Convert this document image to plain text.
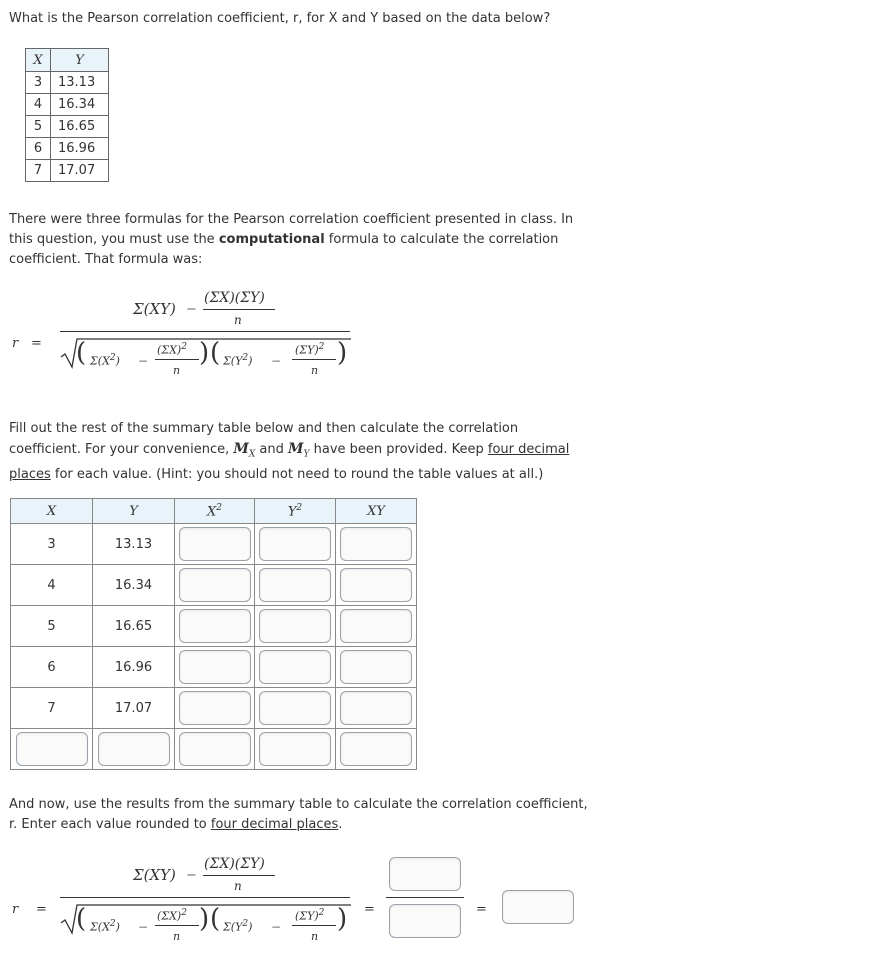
What is the Pearson correlation coefficient, r, for X and Y based on the data below?
X	Y
3	13.13
4	16.34
5	16.65
6	16.96
7	17.07
There were three formulas for the Pearson correlation coefficient presented in class. In
this question, you must use the computational formula to calculate the correlation
coefficient. That formula was:
r =
Σ(XY) −
(ΣX)(ΣY)
n
( $\Sigma(X^2)$ −
$(\Sigma X)^2$
n
) ( $\Sigma(Y^2)$ −
$(\Sigma Y)^2$
n
)
Fill out the rest of the summary table below and then calculate the correlation
coefficient. For your convenience, $M_X$ and $M_Y$ have been provided. Keep four decimal
places for each value. (Hint: you should not need to round the table values at all.)
X	Y	$X^2$	$Y^2$	XY
3	13.13	

4	16.34	

5	16.65	

6	16.96	

7	17.07	

And now, use the results from the summary table to calculate the correlation coefficient,
r. Enter each value rounded to four decimal places.
r =
Σ(XY) −
(ΣX)(ΣY)
n
( $\Sigma(X^2)$ −
$(\Sigma X)^2$
n
) ( $\Sigma(Y^2)$ −
$(\Sigma Y)^2$
n
) =	=
